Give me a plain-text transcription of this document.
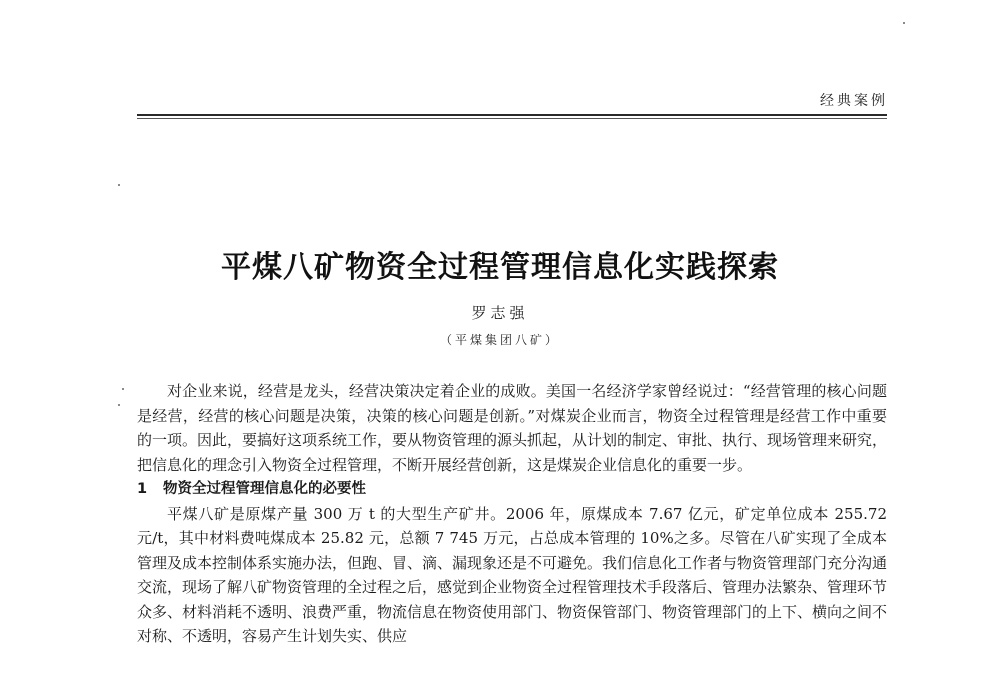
经典案例
平煤八矿物资全过程管理信息化实践探索
罗志强
（平煤集团八矿）

对企业来说，经营是龙头，经营决策决定着企业的成败。美国一名经济学家曾经说过：“经营管理的核心问题是经营，经营的核心问题是决策，决策的核心问题是创新。”对煤炭企业而言，物资全过程管理是经营工作中重要的一项。因此，要搞好这项系统工作，要从物资管理的源头抓起，从计划的制定、审批、执行、现场管理来研究，把信息化的理念引入物资全过程管理，不断开展经营创新，这是煤炭企业信息化的重要一步。

1 物资全过程管理信息化的必要性

平煤八矿是原煤产量 300 万 t 的大型生产矿井。2006 年，原煤成本 7.67 亿元，矿定单位成本 255.72 元/t，其中材料费吨煤成本 25.82 元，总额 7 745 万元，占总成本管理的 10%之多。尽管在八矿实现了全成本管理及成本控制体系实施办法，但跑、冒、滴、漏现象还是不可避免。我们信息化工作者与物资管理部门充分沟通交流，现场了解八矿物资管理的全过程之后，感觉到企业物资全过程管理技术手段落后、管理办法繁杂、管理环节众多、材料消耗不透明、浪费严重，物流信息在物资使用部门、物资保管部门、物资管理部门的上下、横向之间不对称、不透明，容易产生计划失实、供应
